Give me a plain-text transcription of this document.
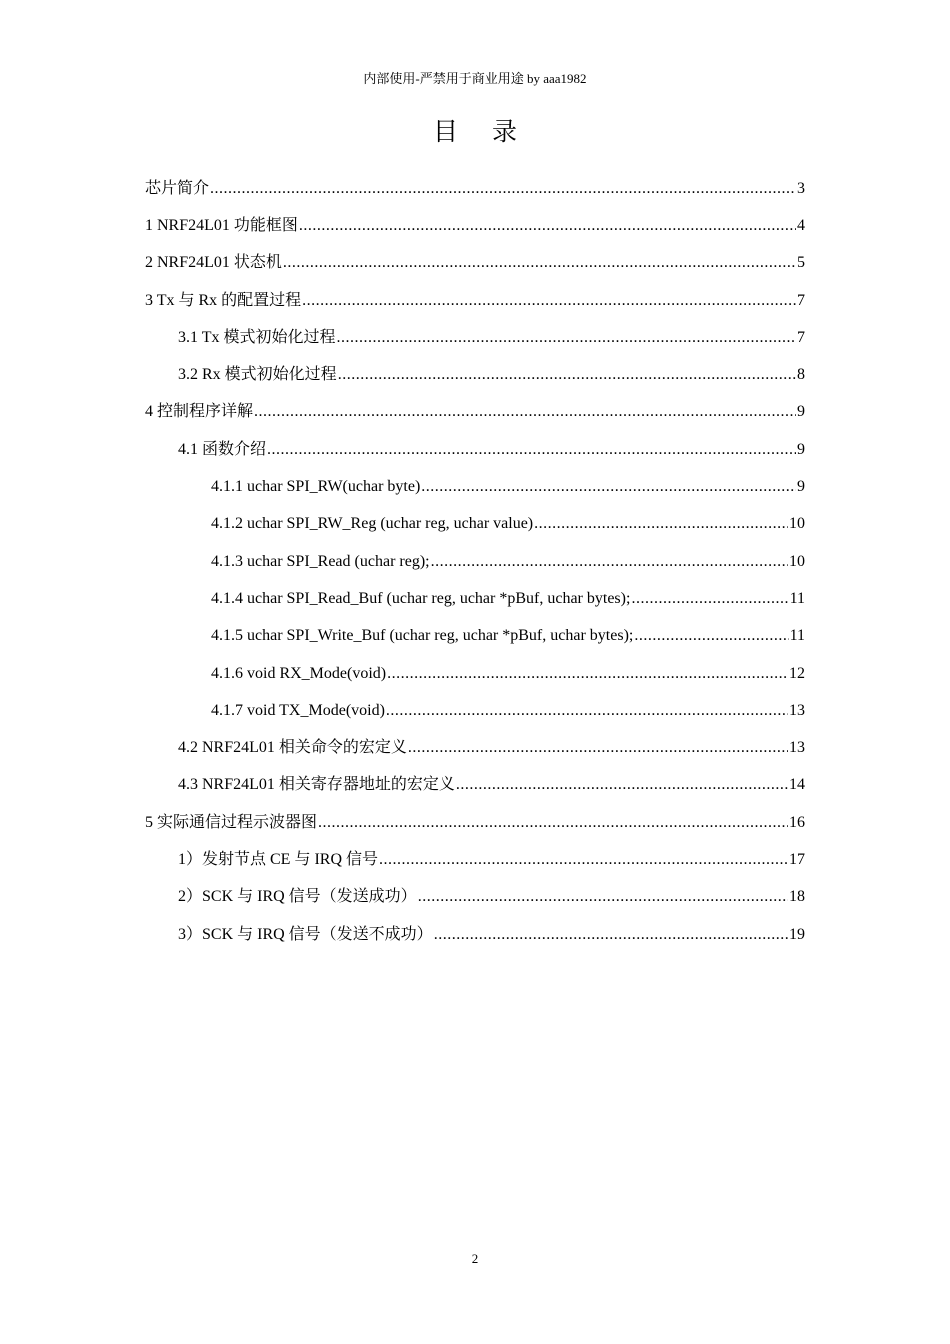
内部使用-严禁用于商业用途 by aaa1982
目录
芯片简介 .....	3
1 NRF24L01 功能框图 .....	4
2 NRF24L01 状态机 .....	5
3 Tx 与 Rx 的配置过程 .....	7
3.1 Tx 模式初始化过程 .....	7
3.2 Rx 模式初始化过程 .....	8
4 控制程序详解 .....	9
4.1 函数介绍 .....	9
4.1.1 uchar SPI_RW(uchar byte) .....	9
4.1.2 uchar SPI_RW_Reg (uchar reg, uchar value) .....	10
4.1.3 uchar SPI_Read (uchar reg); .....	10
4.1.4 uchar SPI_Read_Buf (uchar reg, uchar *pBuf, uchar bytes); .....	11
4.1.5 uchar SPI_Write_Buf (uchar reg, uchar *pBuf, uchar bytes); .....	11
4.1.6 void RX_Mode(void) .....	12
4.1.7 void TX_Mode(void) .....	13
4.2 NRF24L01 相关命令的宏定义 .....	13
4.3 NRF24L01 相关寄存器地址的宏定义 .....	14
5 实际通信过程示波器图 .....	16
1）发射节点 CE 与 IRQ 信号 .....	17
2）SCK 与 IRQ 信号（发送成功） .....	18
3）SCK 与 IRQ 信号（发送不成功） .....	19
2
